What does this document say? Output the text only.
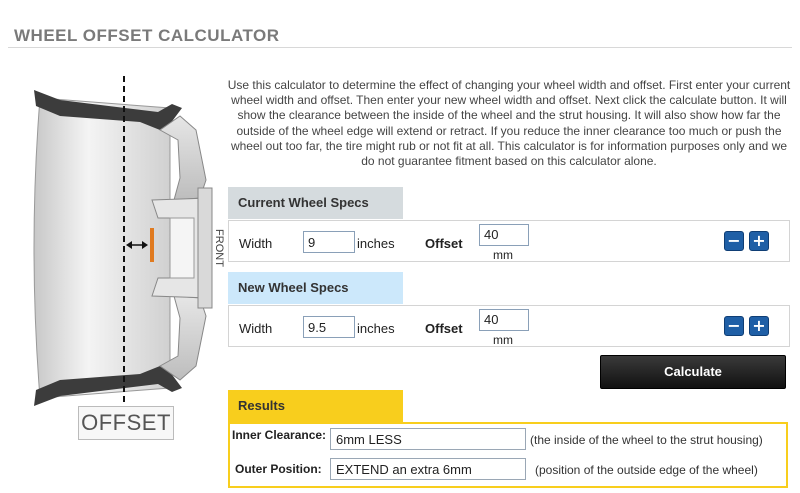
WHEEL OFFSET CALCULATOR
FRONT
OFFSET
Use this calculator to determine the effect of changing your wheel width and offset. First enter your current wheel width and offset. Then enter your new wheel width and offset. Next click the calculate button. It will show the clearance between the inside of the wheel and the strut housing. It will also show how far the outside of the wheel edge will extend or retract. If you reduce the inner clearance too much or push the wheel out too far, the tire might rub or not fit at all. This calculator is for information purposes only and we do not guarantee fitment based on this calculator alone.
Current Wheel Specs
Width
9	inches Offset
40
mm
− +
New Wheel Specs
Width
9.5	inches Offset
40
mm
− +
Calculate
Results
Inner Clearance:
6mm LESS	(the inside of the wheel to the strut housing)
Outer Position:
EXTEND an extra 6mm	(position of the outside edge of the wheel)
